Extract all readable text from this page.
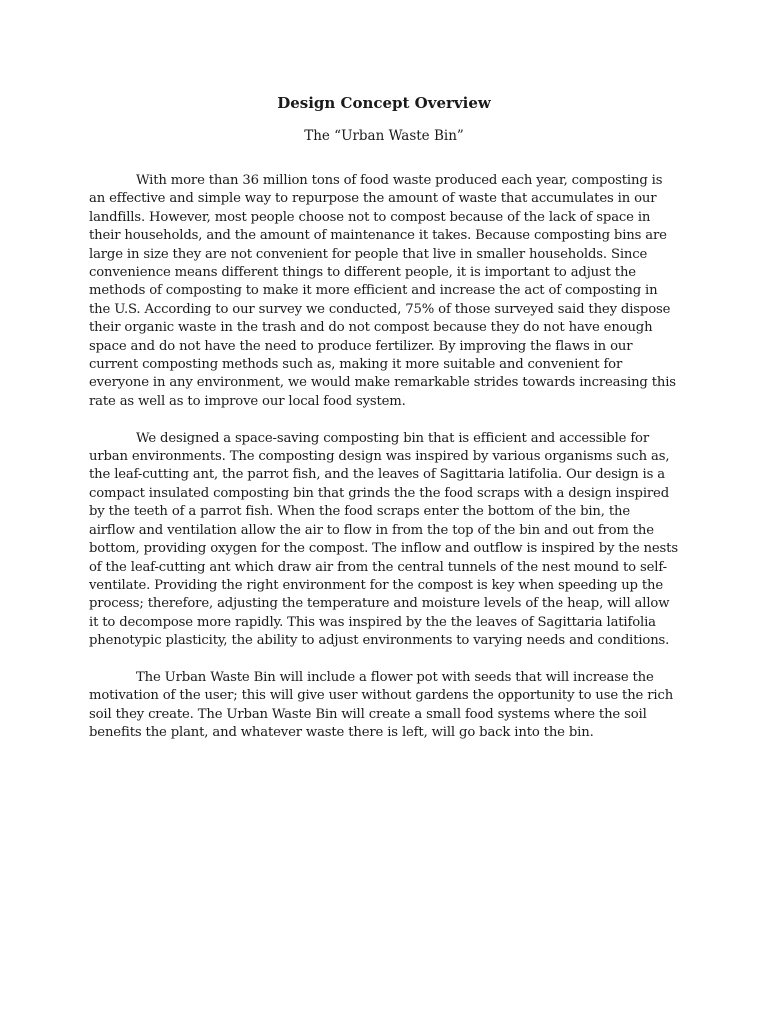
Design Concept Overview

The “Urban Waste Bin”

With more than 36 million tons of food waste produced each year, composting is an effective and simple way to repurpose the amount of waste that accumulates in our landfills. However, most people choose not to compost because of the lack of space in their households, and the amount of maintenance it takes. Because composting bins are large in size they are not convenient for people that live in smaller households. Since convenience means different things to different people, it is important to adjust the methods of composting to make it more efficient and increase the act of composting in the U.S. According to our survey we conducted, 75% of those surveyed said they dispose their organic waste in the trash and do not compost because they do not have enough space and do not have the need to produce fertilizer. By improving the flaws in our current composting methods such as, making it more suitable and convenient for everyone in any environment, we would make remarkable strides towards increasing this rate as well as to improve our local food system.

We designed a space-saving composting bin that is efficient and accessible for urban environments. The composting design was inspired by various organisms such as, the leaf-cutting ant, the parrot fish, and the leaves of Sagittaria latifolia. Our design is a compact insulated composting bin that grinds the the food scraps with a design inspired by the teeth of a parrot fish. When the food scraps enter the bottom of the bin, the airflow and ventilation allow the air to flow in from the top of the bin and out from the bottom, providing oxygen for the compost. The inflow and outflow is inspired by the nests of the leaf-cutting ant which draw air from the central tunnels of the nest mound to self-ventilate. Providing the right environment for the compost is key when speeding up the process; therefore, adjusting the temperature and moisture levels of the heap, will allow it to decompose more rapidly. This was inspired by the the leaves of Sagittaria latifolia phenotypic plasticity, the ability to adjust environments to varying needs and conditions.

The Urban Waste Bin will include a flower pot with seeds that will increase the motivation of the user; this will give user without gardens the opportunity to use the rich soil they create. The Urban Waste Bin will create a small food systems where the soil benefits the plant, and whatever waste there is left, will go back into the bin.
